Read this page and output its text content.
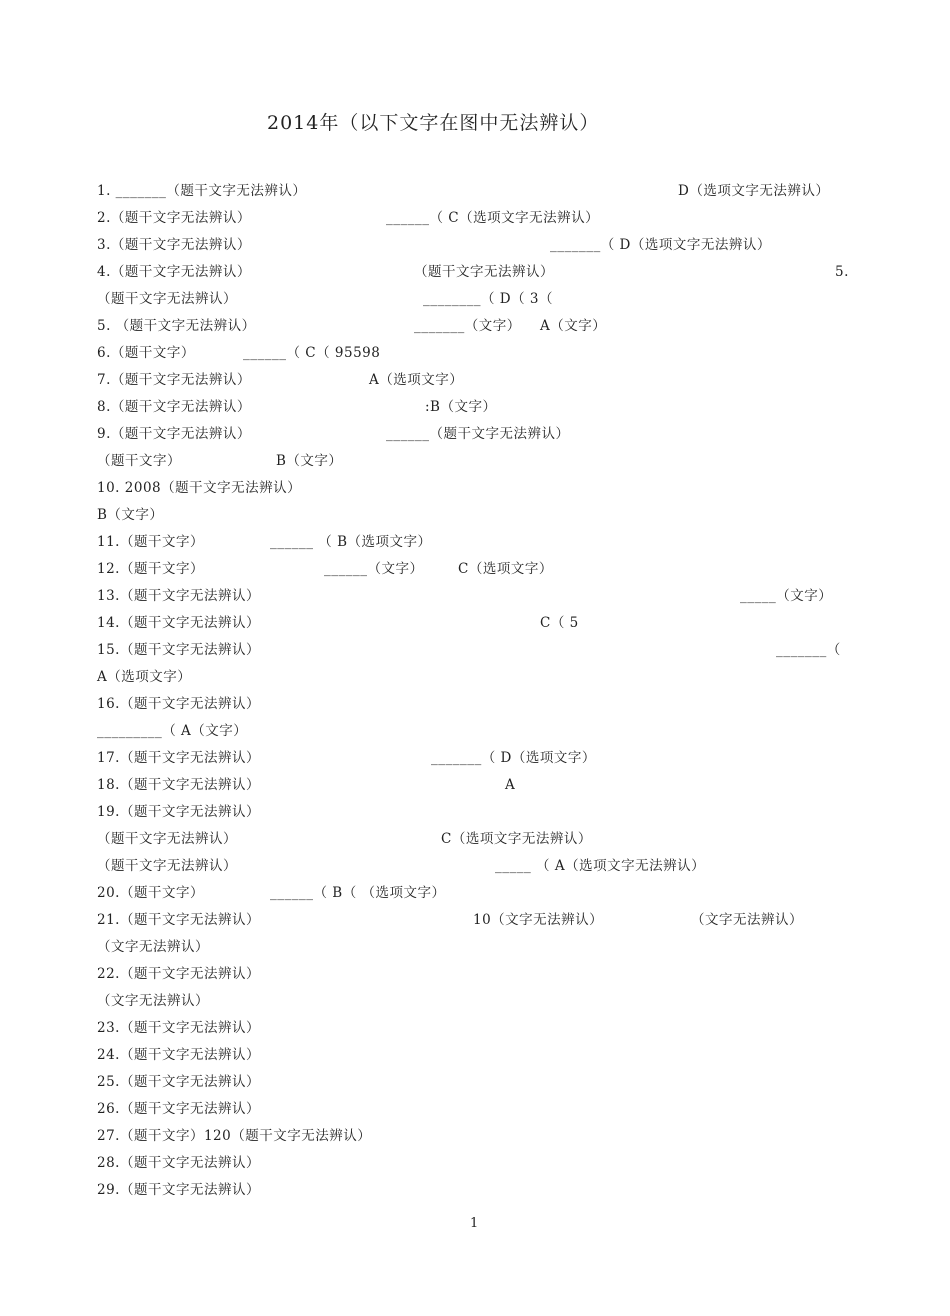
2014年（以下文字在图中无法辨认）
1. _______（题干文字无法辨认）	D（选项文字无法辨认）
2.（题干文字无法辨认）	______（ C（选项文字无法辨认）
3.（题干文字无法辨认）	_______（ D（选项文字无法辨认）
4.（题干文字无法辨认）	（题干文字无法辨认）	5.
（题干文字无法辨认）	________（ D（ 3（
5. （题干文字无法辨认）	_______（文字） A（文字）
6.（题干文字）	______（ C（ 95598
7.（题干文字无法辨认）	A（选项文字）
8.（题干文字无法辨认）	:B（文字）
9.（题干文字无法辨认）	______（题干文字无法辨认）
（题干文字）	B（文字）
10. 2008（题干文字无法辨认）
B（文字）
11.（题干文字）	______ （ B（选项文字）
12.（题干文字）	______（文字）	C（选项文字）
13.（题干文字无法辨认）	_____（文字）
14.（题干文字无法辨认）	C（ 5
15.（题干文字无法辨认）	_______（
A（选项文字）
16.（题干文字无法辨认）
_________（ A（文字）
17.（题干文字无法辨认）	_______（ D（选项文字）
18.（题干文字无法辨认）	A
19.（题干文字无法辨认）
（题干文字无法辨认）	C（选项文字无法辨认）
（题干文字无法辨认）	_____ （ A（选项文字无法辨认）
20.（题干文字）	______（ B（ （选项文字）
21.（题干文字无法辨认）	10（文字无法辨认）	（文字无法辨认）
（文字无法辨认）
22.（题干文字无法辨认）
（文字无法辨认）
23.（题干文字无法辨认）
24.（题干文字无法辨认）
25.（题干文字无法辨认）
26.（题干文字无法辨认）
27.（题干文字）120（题干文字无法辨认）
28.（题干文字无法辨认）
29.（题干文字无法辨认）
1
